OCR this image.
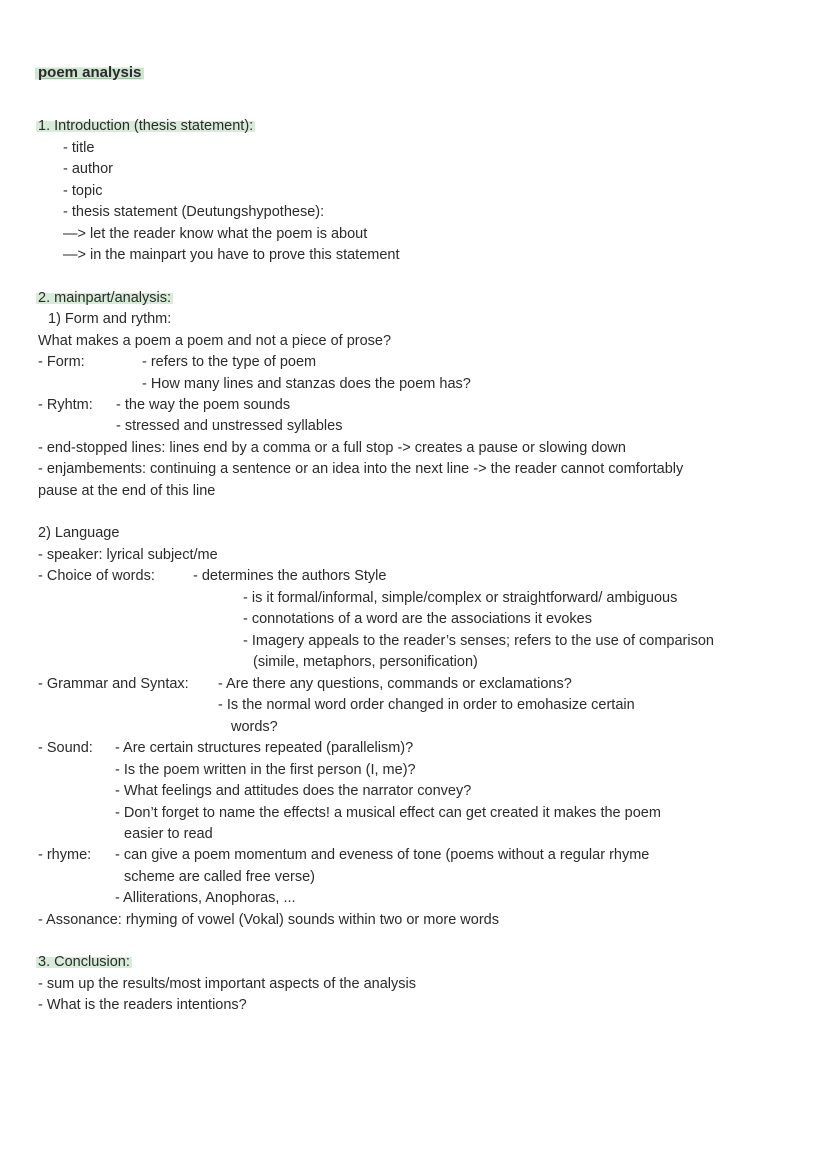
poem analysis

1. Introduction (thesis statement):

- title

- author

- topic

- thesis statement (Deutungshypothese):

—> let the reader know what the poem is about

—> in the mainpart you have to prove this statement

2. mainpart/analysis:

1) Form and rythm:

What makes a poem a poem and not a piece of prose?

- Form:	- refers to the type of poem

- How many lines and stanzas does the poem has?

- Ryhtm: - the way the poem sounds

- stressed and unstressed syllables

- end-stopped lines: lines end by a comma or a full stop -> creates a pause or slowing down

- enjambements: continuing a sentence or an idea into the next line -> the reader cannot comfortably

pause at the end of this line

2) Language

- speaker: lyrical subject/me

- Choice of words:	- determines the authors Style

- is it formal/informal, simple/complex or straightforward/ ambiguous

- connotations of a word are the associations it evokes

- Imagery appeals to the reader’s senses; refers to the use of comparison

(simile, metaphors, personification)

- Grammar and Syntax: - Are there any questions, commands or exclamations?

- Is the normal word order changed in order to emohasize certain

words?

- Sound: - Are certain structures repeated (parallelism)?

- Is the poem written in the first person (I, me)?

- What feelings and attitudes does the narrator convey?

- Don’t forget to name the effects! a musical effect can get created it makes the poem

easier to read

- rhyme: - can give a poem momentum and eveness of tone (poems without a regular rhyme

scheme are called free verse)

- Alliterations, Anophoras, ...

- Assonance: rhyming of vowel (Vokal) sounds within two or more words

3. Conclusion:

- sum up the results/most important aspects of the analysis

- What is the readers intentions?
